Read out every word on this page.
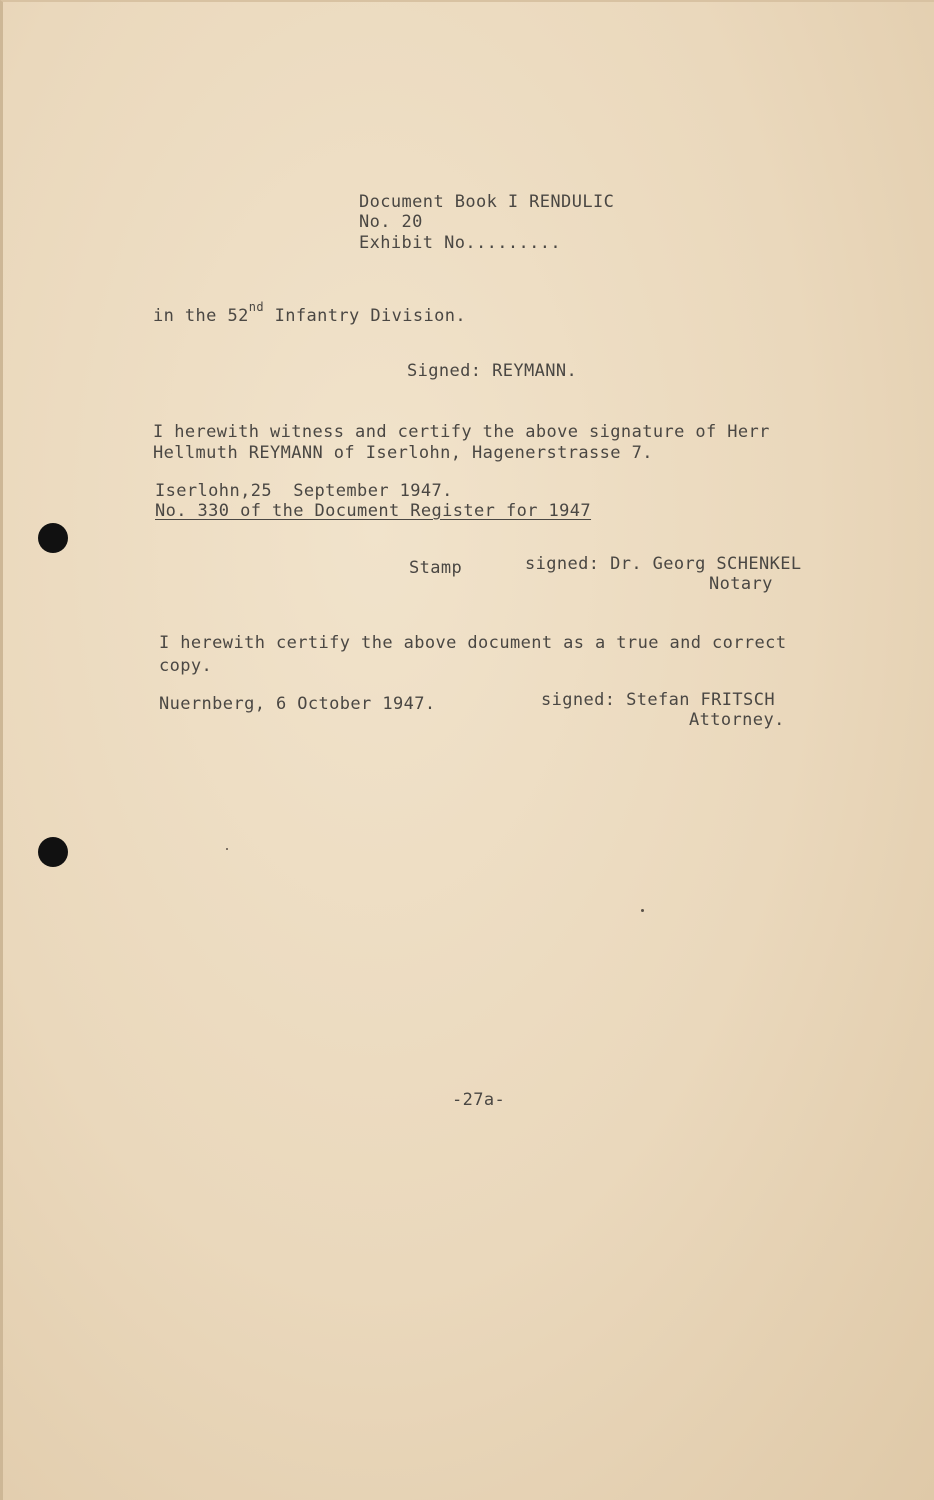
Document Book I RENDULIC
No. 20
Exhibit No.........
in the 52nd Infantry Division.
Signed: REYMANN.
I herewith witness and certify the above signature of Herr
Hellmuth REYMANN of Iserlohn, Hagenerstrasse 7.
Iserlohn,25  September 1947.
No. 330 of the Document Register for 1947
Stamp	signed: Dr. Georg SCHENKEL
Notary
I herewith certify the above document as a true and correct
copy.
Nuernberg, 6 October 1947.	signed: Stefan FRITSCH
Attorney.
-27a-
